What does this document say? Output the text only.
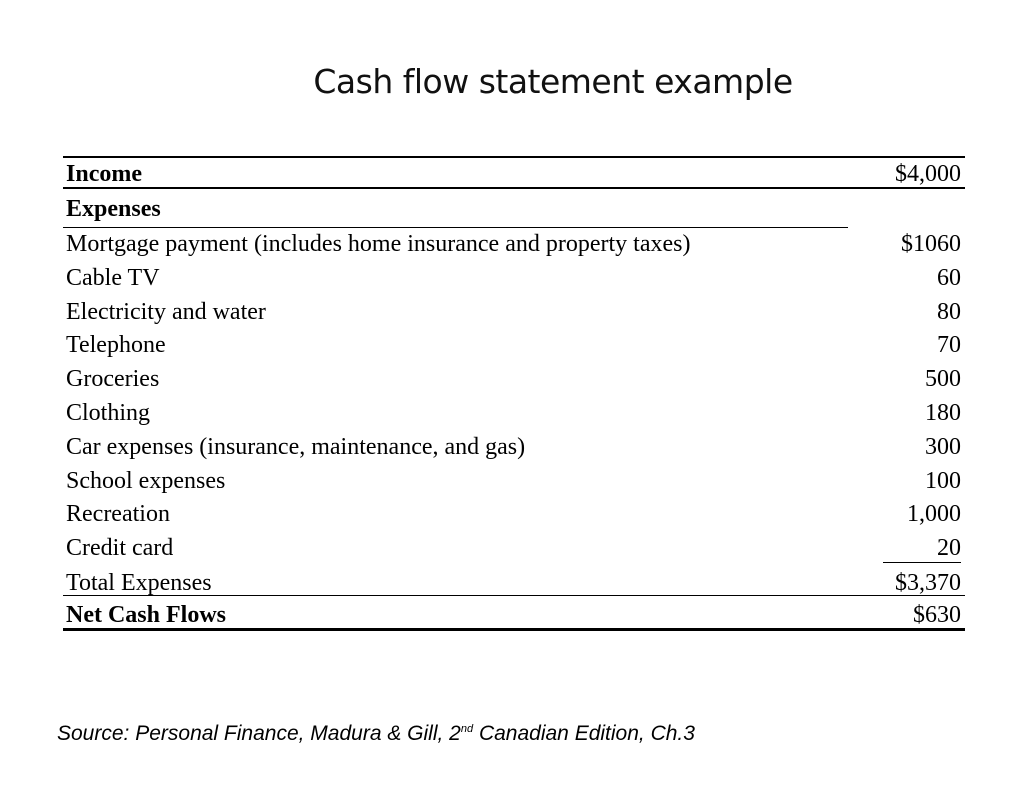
Cash flow statement example
Income	$4,000
Expenses
Mortgage payment (includes home insurance and property taxes)	$1060
Cable TV	60
Electricity and water	80
Telephone	70
Groceries	500
Clothing	180
Car expenses (insurance, maintenance, and gas)	300
School expenses	100
Recreation	1,000
Credit card	20
Total Expenses	$3,370
Net Cash Flows	$630
Source: Personal Finance, Madura & Gill, 2nd Canadian Edition, Ch.3
